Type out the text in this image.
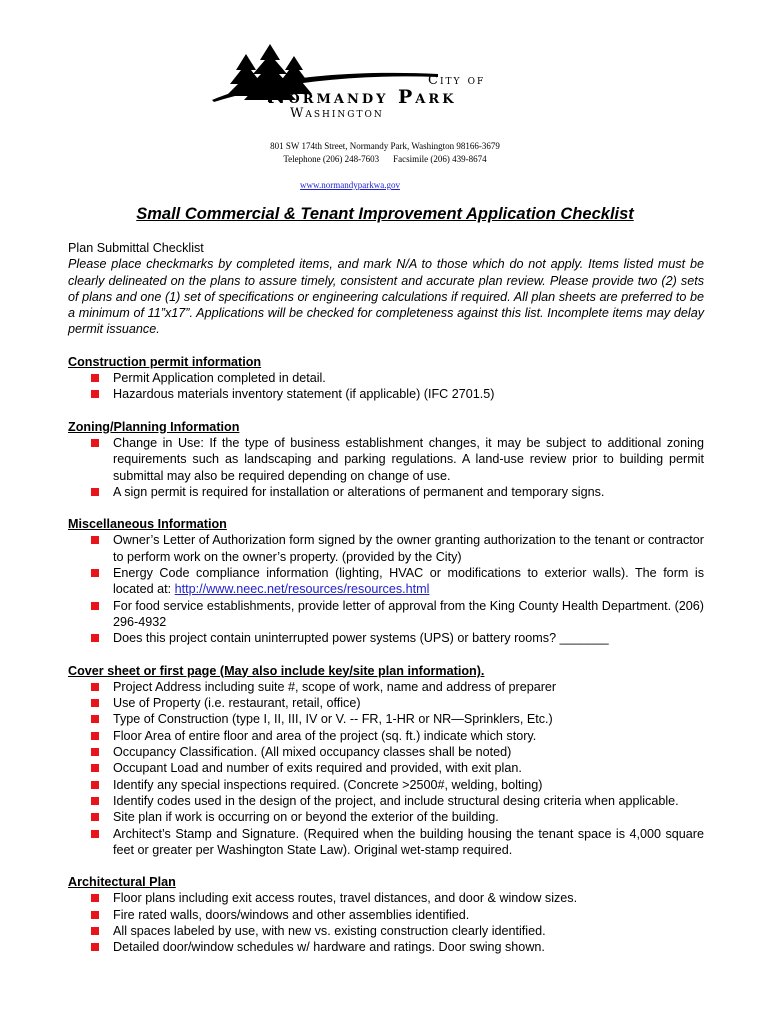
City of
Normandy Park
Washington
801 SW 174th Street, Normandy Park, Washington 98166-3679
Telephone (206) 248-7603 Facsimile (206) 439-8674
www.normandyparkwa.gov
Small Commercial & Tenant Improvement Application Checklist

Plan Submittal Checklist

Please place checkmarks by completed items, and mark N/A to those which do not apply. Items listed must be clearly delineated on the plans to assure timely, consistent and accurate plan review. Please provide two (2) sets of plans and one (1) set of specifications or engineering calculations if required. All plan sheets are preferred to be a minimum of 11”x17”. Applications will be checked for completeness against this list. Incomplete items may delay permit issuance.

Construction permit information

Permit Application completed in detail.
Hazardous materials inventory statement (if applicable) (IFC 2701.5)

Zoning/Planning Information

Change in Use: If the type of business establishment changes, it may be subject to additional zoning requirements such as landscaping and parking regulations. A land-use review prior to building permit submittal may also be required depending on change of use.
A sign permit is required for installation or alterations of permanent and temporary signs.

Miscellaneous Information

Owner’s Letter of Authorization form signed by the owner granting authorization to the tenant or contractor to perform work on the owner’s property. (provided by the City)
Energy Code compliance information (lighting, HVAC or modifications to exterior walls). The form is located at: http://www.neec.net/resources/resources.html
For food service establishments, provide letter of approval from the King County Health Department. (206) 296-4932
Does this project contain uninterrupted power systems (UPS) or battery rooms? _______

Cover sheet or first page (May also include key/site plan information).

Project Address including suite #, scope of work, name and address of preparer
Use of Property (i.e. restaurant, retail, office)
Type of Construction (type I, II, III, IV or V. -- FR, 1-HR or NR—Sprinklers, Etc.)
Floor Area of entire floor and area of the project (sq. ft.) indicate which story.
Occupancy Classification. (All mixed occupancy classes shall be noted)
Occupant Load and number of exits required and provided, with exit plan.
Identify any special inspections required. (Concrete >2500#, welding, bolting)
Identify codes used in the design of the project, and include structural desing criteria when applicable.
Site plan if work is occurring on or beyond the exterior of the building.
Architect’s Stamp and Signature. (Required when the building housing the tenant space is 4,000 square feet or greater per Washington State Law). Original wet-stamp required.

Architectural Plan

Floor plans including exit access routes, travel distances, and door & window sizes.
Fire rated walls, doors/windows and other assemblies identified.
All spaces labeled by use, with new vs. existing construction clearly identified.
Detailed door/window schedules w/ hardware and ratings. Door swing shown.
